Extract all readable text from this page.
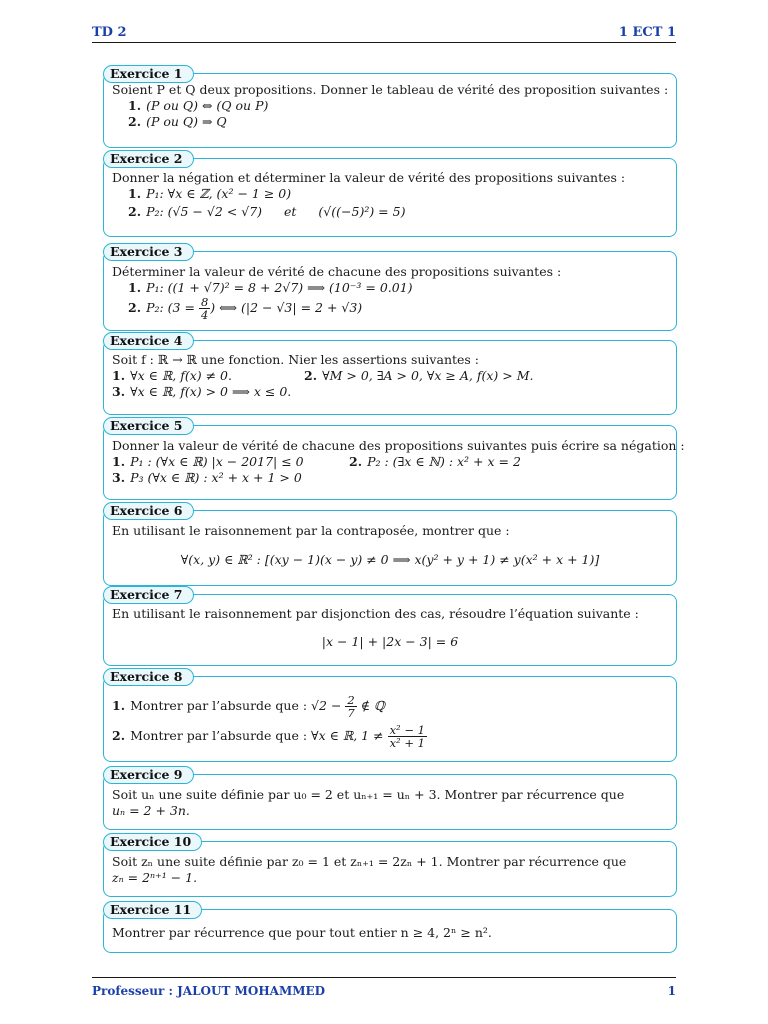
TD 2	1 ECT 1
Exercice 1
Soient P et Q deux propositions. Donner le tableau de vérité des proposition suivantes :
1. (P ou Q) ⇔ (Q ou P)
2. (P ou Q) ⇒ Q
Exercice 2
Donner la négation et déterminer la valeur de vérité des propositions suivantes :
1. P₁: ∀x ∈ ℤ, (x² − 1 ≥ 0)
2. P₂: (√5 − √2 < √7) et (√((−5)²) = 5)
Exercice 3
Déterminer la valeur de vérité de chacune des propositions suivantes :
1. P₁: ((1 + √7)² = 8 + 2√7) ⟹ (10⁻³ = 0.01)
2. P₂: ($3 = \frac{8}{4}$ ) ⟺ (|2 − √3| = 2 + √3)
Exercice 4
Soit f : ℝ → ℝ une fonction. Nier les assertions suivantes :
1. ∀x ∈ ℝ, f(x) ≠ 0.	2. ∀M > 0, ∃A > 0, ∀x ≥ A, f(x) > M.
3. ∀x ∈ ℝ, f(x) > 0 ⟹ x ≤ 0.
Exercice 5
Donner la valeur de vérité de chacune des propositions suivantes puis écrire sa négation :
1. P₁ : (∀x ∈ ℝ) |x − 2017| ≤ 0	2. P₂ : (∃x ∈ ℕ) : x² + x = 2
3. P₃ (∀x ∈ ℝ) : x² + x + 1 > 0
Exercice 6
En utilisant le raisonnement par la contraposée, montrer que :
∀(x, y) ∈ ℝ² : [(xy − 1)(x − y) ≠ 0 ⟹ x(y² + y + 1) ≠ y(x² + x + 1)]
Exercice 7
En utilisant le raisonnement par disjonction des cas, résoudre l’équation suivante :
|x − 1| + |2x − 3| = 6
Exercice 8
1. Montrer par l’absurde que : $√2 - \frac{2}{7}$ ∉ ℚ
2. Montrer par l’absurde que : ∀x ∈ ℝ, $1 \ne \frac{\text{x² − 1}}{\text{x² + 1}}$
Exercice 9
Soit uₙ une suite définie par u₀ = 2 et uₙ₊₁ = uₙ + 3. Montrer par récurrence que
uₙ = 2 + 3n.
Exercice 10
Soit zₙ une suite définie par z₀ = 1 et zₙ₊₁ = 2zₙ + 1. Montrer par récurrence que
zₙ = 2ⁿ⁺¹ − 1.
Exercice 11
Montrer par récurrence que pour tout entier n ≥ 4, 2ⁿ ≥ n².
Professeur : JALOUT MOHAMMED	1
